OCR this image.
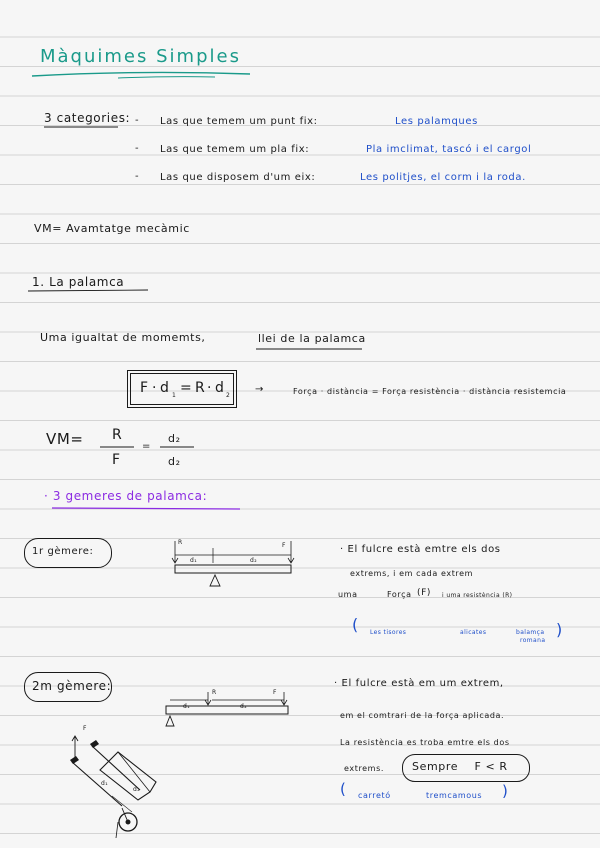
Màquimes Simples
3 categories: - Las que temem um punt fix:	Les palamques
- Las que temem um pla fix:	Pla imclimat, tascó i el cargol
- Las que disposem d'um eix:	Les politjes, el corm i la roda.
VM= Avamtatge mecàmic
1. La palamca
Uma igualtat de momemts,	llei de la palamca
F · d 1 = R · d 2
→	Força · distància = Força resistència · distància resistemcia
VM= R
F
=
d₂
d₂
· 3 gemeres de palamca:
1r gèmere:
R	F
d₁	d₂
· El fulcre està emtre els dos
extrems, i em cada extrem
uma	Força (F) i uma resistència (R)
( Les tisores	alicates	balamça
romana
)
2m gèmere:	R	F
d₁	d₂
F
d₁
d₂
· El fulcre està em um extrem,
em el comtrari de la força aplicada.
La resistència es troba emtre els dos
extrems.	Sempre    F < R
( carretó	tremcamous )
